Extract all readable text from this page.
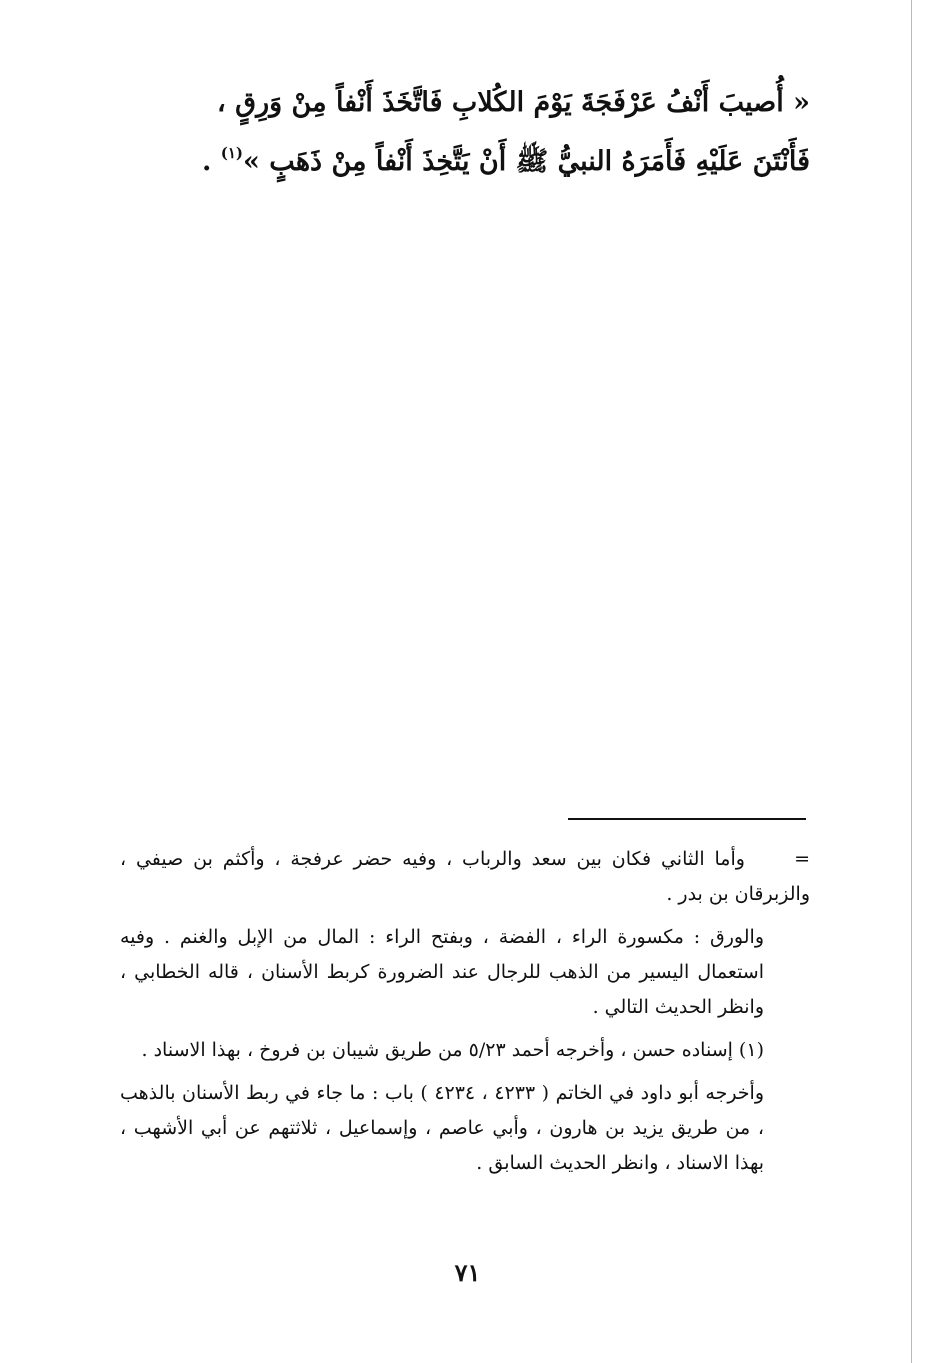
« أُصيبَ أَنْفُ عَرْفَجَةَ يَوْمَ الكُلابِ فَاتَّخَذَ أَنْفاً مِنْ وَرِقٍ ،

فَأَنْتَنَ عَلَيْهِ فَأَمَرَهُ النبيُّ ﷺ أَنْ يَتَّخِذَ أَنْفاً مِنْ ذَهَبٍ »$^{(١)}$ .

=     وأما الثاني فكان بين سعد والرباب ، وفيه حضر عرفجة ، وأكثم بن صيفي ، والزبرقان بن بدر .

والورق : مكسورة الراء ، الفضة ، وبفتح الراء : المال من الإبل والغنم . وفيه استعمال اليسير من الذهب للرجال عند الضرورة كربط الأسنان ، قاله الخطابي ، وانظر الحديث التالي .

(١) إسناده حسن ، وأخرجه أحمد ٥/٢٣ من طريق شيبان بن فروخ ، بهذا الاسناد .

وأخرجه أبو داود في الخاتم ( ٤٢٣٣ ، ٤٢٣٤ ) باب : ما جاء في ربط الأسنان بالذهب ، من طريق يزيد بن هارون ، وأبي عاصم ، وإسماعيل ، ثلاثتهم عن أبي الأشهب ، بهذا الاسناد ، وانظر الحديث السابق .

٧١
